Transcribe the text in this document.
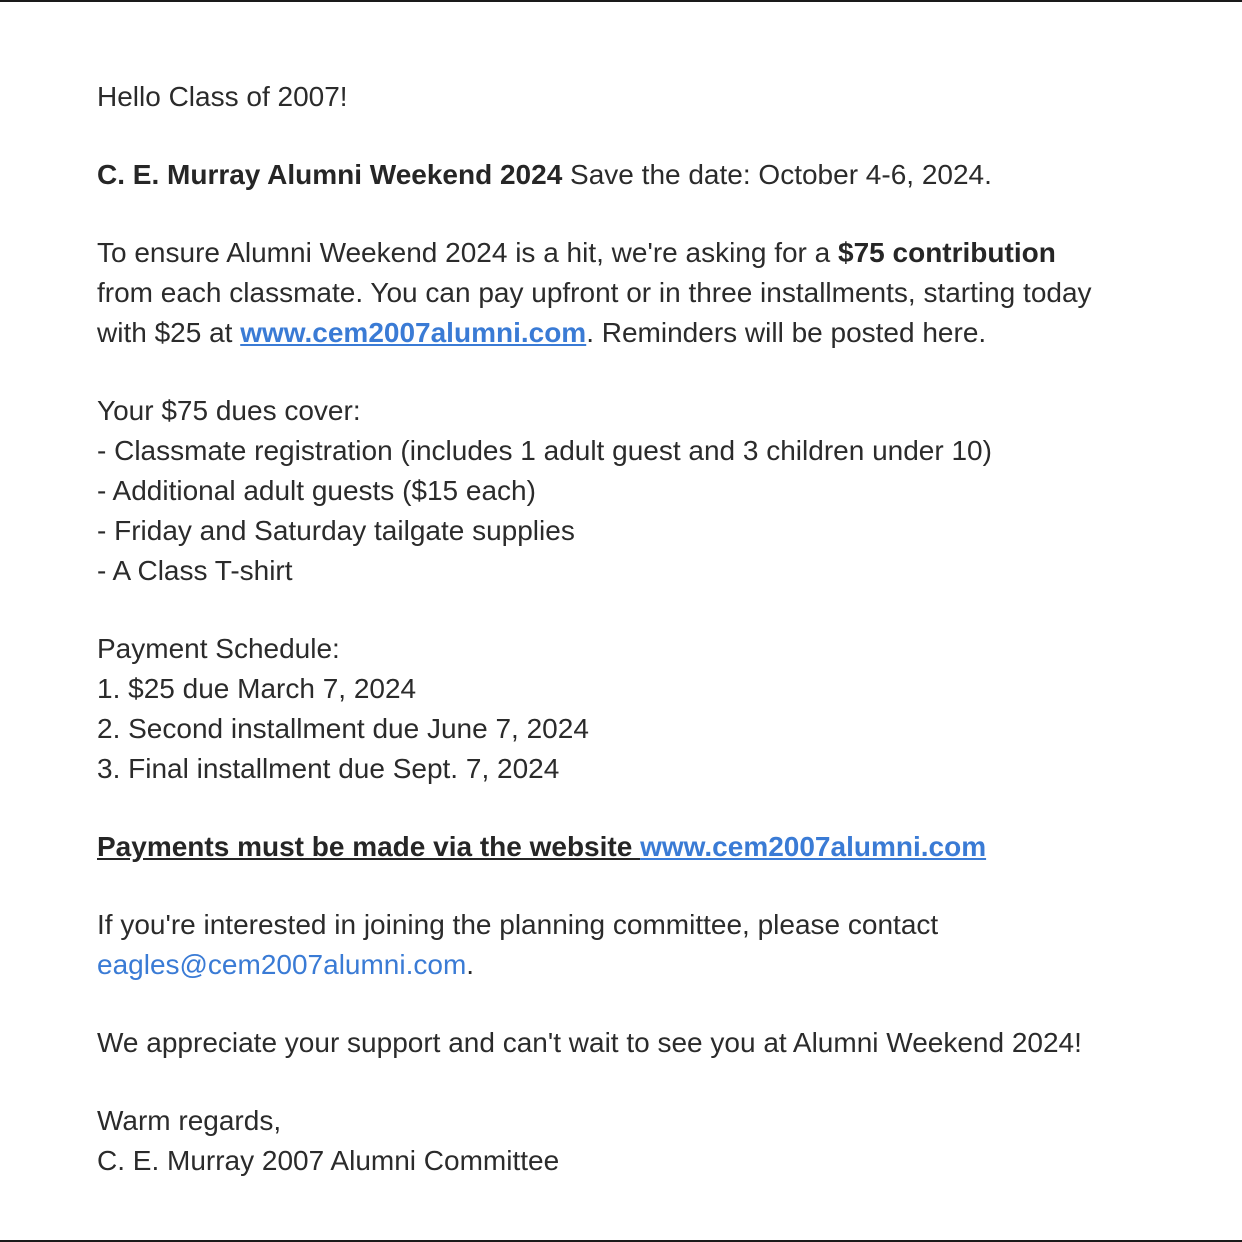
Hello Class of 2007!

C. E. Murray Alumni Weekend 2024 Save the date: October 4-6, 2024.

To ensure Alumni Weekend 2024 is a hit, we're asking for a $75 contribution
from each classmate. You can pay upfront or in three installments, starting today
with $25 at www.cem2007alumni.com. Reminders will be posted here.

Your $75 dues cover:
- Classmate registration (includes 1 adult guest and 3 children under 10)
- Additional adult guests ($15 each)
- Friday and Saturday tailgate supplies
- A Class T-shirt

Payment Schedule:
1. $25 due March 7, 2024
2. Second installment due June 7, 2024
3. Final installment due Sept. 7, 2024

Payments must be made via the website www.cem2007alumni.com

If you're interested in joining the planning committee, please contact
eagles@cem2007alumni.com.

We appreciate your support and can't wait to see you at Alumni Weekend 2024!

Warm regards,
C. E. Murray 2007 Alumni Committee
